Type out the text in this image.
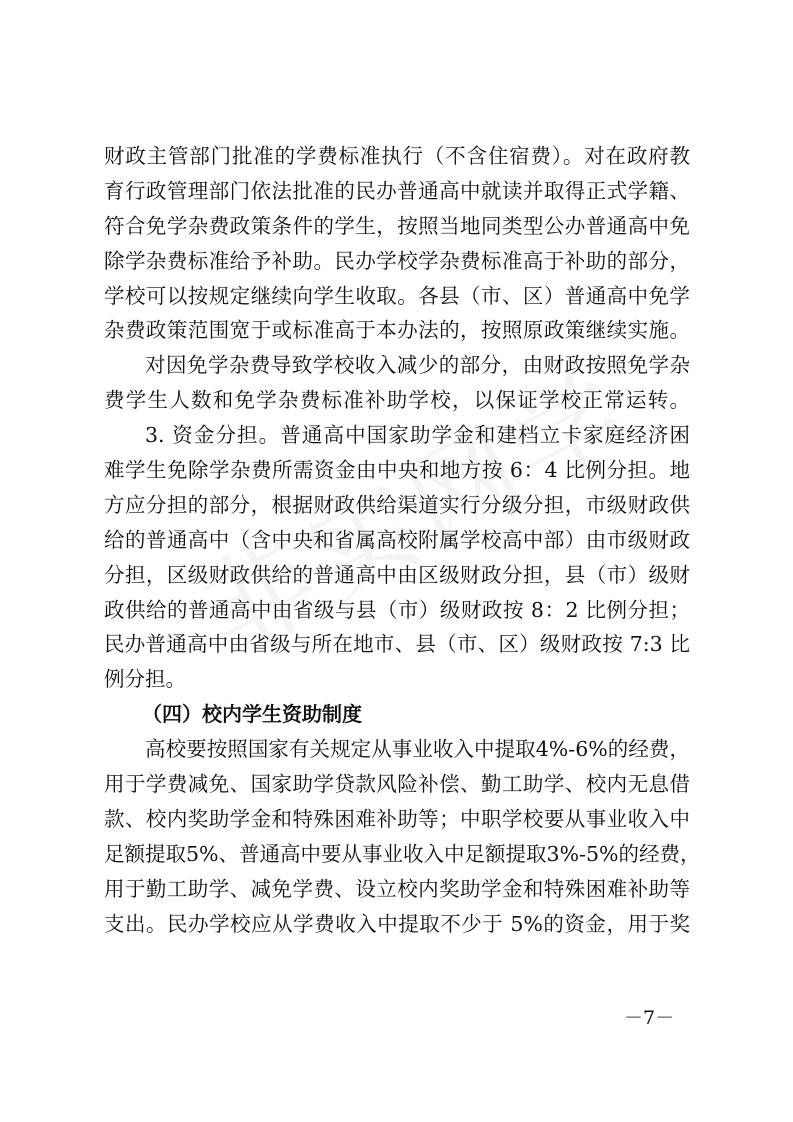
财政主管部门批准的学费标准执行（不含住宿费）。对在政府教
育行政管理部门依法批准的民办普通高中就读并取得正式学籍、
符合免学杂费政策条件的学生，按照当地同类型公办普通高中免
除学杂费标准给予补助。民办学校学杂费标准高于补助的部分，
学校可以按规定继续向学生收取。各县（市、区）普通高中免学
杂费政策范围宽于或标准高于本办法的，按照原政策继续实施。
对因免学杂费导致学校收入减少的部分，由财政按照免学杂
费学生人数和免学杂费标准补助学校，以保证学校正常运转。
3. 资金分担。普通高中国家助学金和建档立卡家庭经济困
难学生免除学杂费所需资金由中央和地方按 6：4 比例分担。地
方应分担的部分，根据财政供给渠道实行分级分担，市级财政供
给的普通高中（含中央和省属高校附属学校高中部）由市级财政
分担，区级财政供给的普通高中由区级财政分担，县（市）级财
政供给的普通高中由省级与县（市）级财政按 8：2 比例分担；
民办普通高中由省级与所在地市、县（市、区）级财政按 7:3 比
例分担。
（四）校内学生资助制度
高校要按照国家有关规定从事业收入中提取4%-6%的经费，
用于学费减免、国家助学贷款风险补偿、勤工助学、校内无息借
款、校内奖助学金和特殊困难补助等；中职学校要从事业收入中
足额提取5%、普通高中要从事业收入中足额提取3%-5%的经费，
用于勤工助学、减免学费、设立校内奖助学金和特殊困难补助等
支出。民办学校应从学费收入中提取不少于 5%的资金，用于奖
－7－
